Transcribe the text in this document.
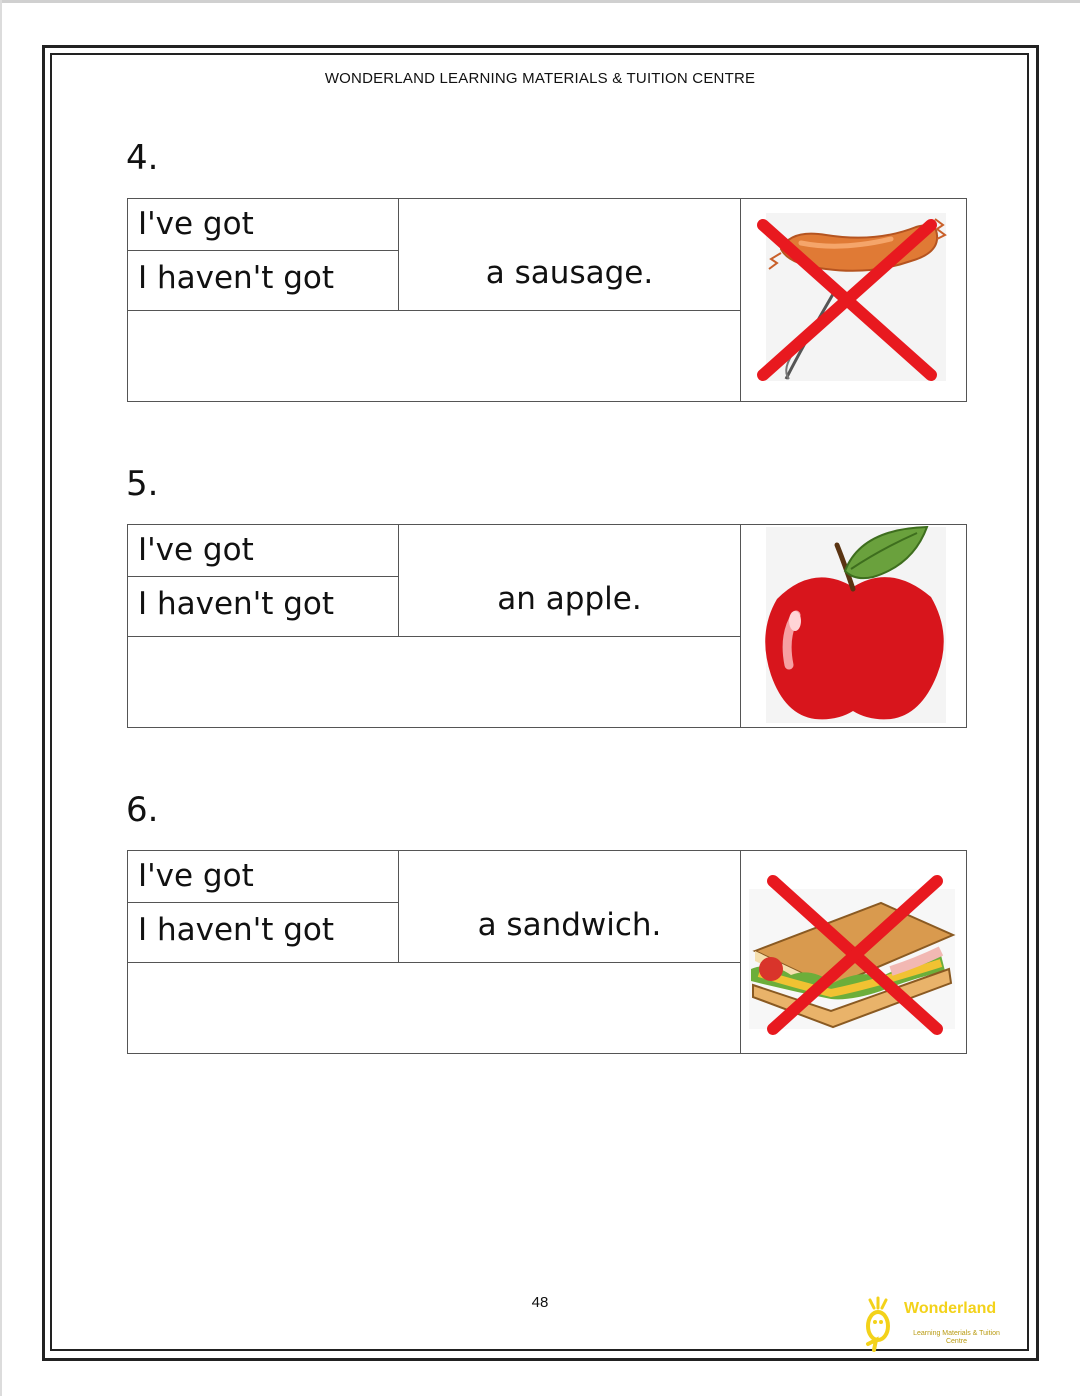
WONDERLAND LEARNING MATERIALS & TUITION CENTRE
4.
I've got
I haven't got	a sausage.
5.
I've got
I haven't got	an apple.
6.
I've got
I haven't got	a sandwich.
48	Wonderland
Learning Materials & Tuition Centre
